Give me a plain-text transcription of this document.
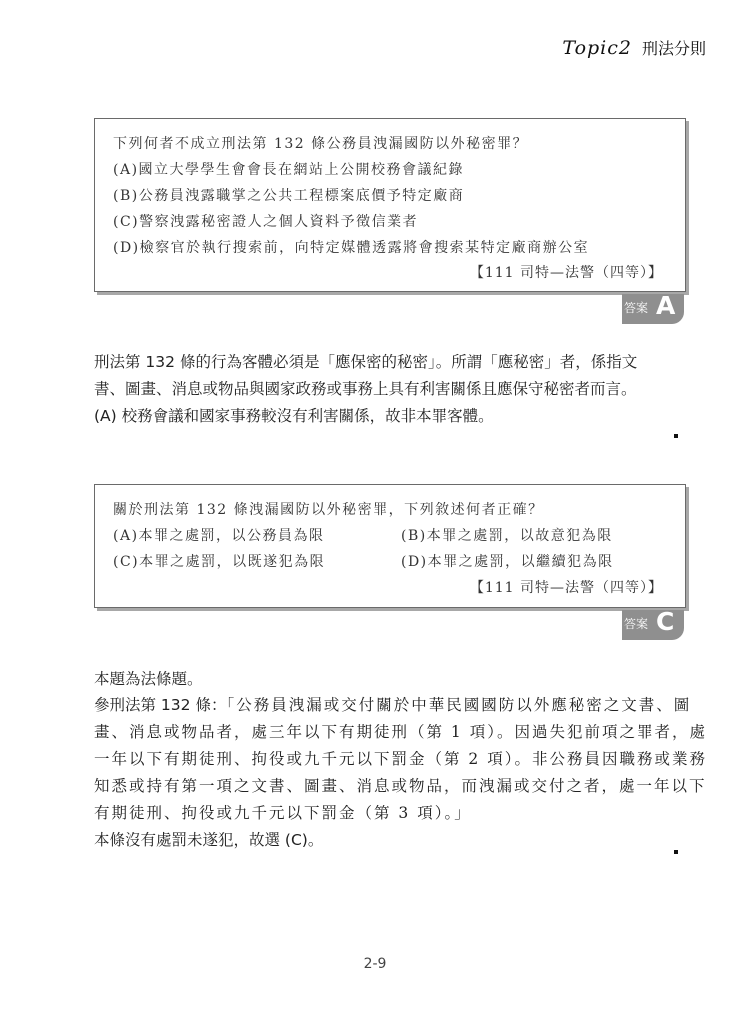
Topic2 刑法分則
下列何者不成立刑法第 132 條公務員洩漏國防以外秘密罪？
(A)國立大學學生會會長在網站上公開校務會議紀錄
(B)公務員洩露職掌之公共工程標案底價予特定廠商
(C)警察洩露秘密證人之個人資料予徵信業者
(D)檢察官於執行搜索前，向特定媒體透露將會搜索某特定廠商辦公室
【111 司特—法警（四等）】
答案 A
刑法第 132 條的行為客體必須是「應保密的秘密」。所謂「應秘密」者，係指文
書、圖畫、消息或物品與國家政務或事務上具有利害關係且應保守秘密者而言。
(A) 校務會議和國家事務較沒有利害關係，故非本罪客體。
關於刑法第 132 條洩漏國防以外秘密罪，下列敘述何者正確？
(A)本罪之處罰，以公務員為限	(B)本罪之處罰，以故意犯為限
(C)本罪之處罰，以既遂犯為限	(D)本罪之處罰，以繼續犯為限
【111 司特—法警（四等）】
答案 C
本題為法條題。
參刑法第 132 條：「公務員洩漏或交付關於中華民國國防以外應秘密之文書、圖
畫、消息或物品者，處三年以下有期徒刑（第 1 項）。因過失犯前項之罪者，處
一年以下有期徒刑、拘役或九千元以下罰金（第 2 項）。非公務員因職務或業務
知悉或持有第一項之文書、圖畫、消息或物品，而洩漏或交付之者，處一年以下
有期徒刑、拘役或九千元以下罰金（第 3 項）。」
本條沒有處罰未遂犯，故選 (C)。
2-9
